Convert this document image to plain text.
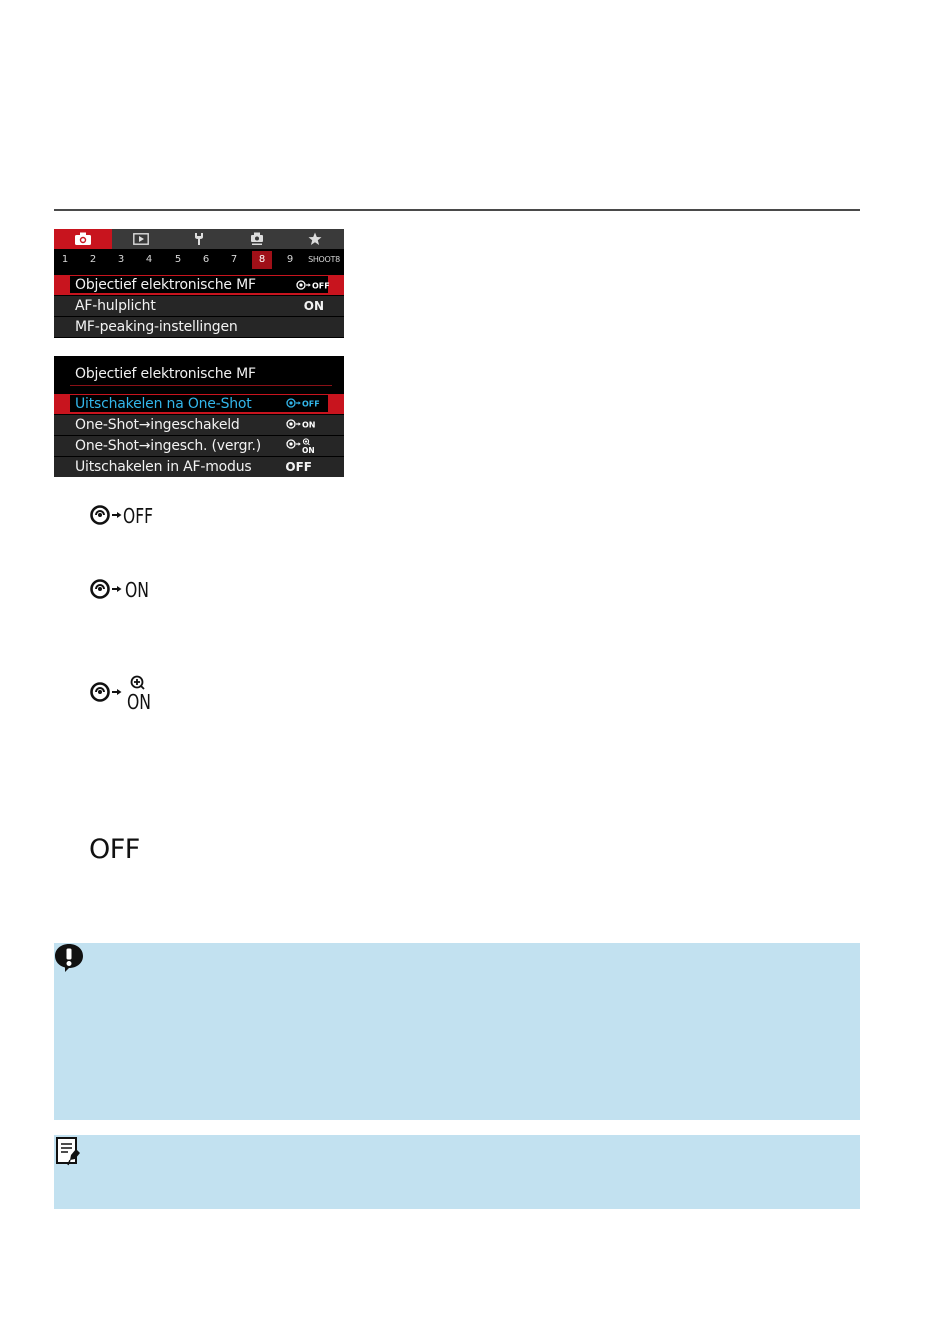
1 2 3 4 5 6 7	8	9	SHOOT8
Objectief elektronische MF	OFF
AF-hulplicht	ON
MF-peaking-instellingen
Objectief elektronische MF
Uitschakelen na One-Shot	OFF
One-Shot→ingeschakeld	ON
One-Shot→ingesch. (vergr.)	ON
Uitschakelen in AF-modus	OFF
OFF
ON
ON
OFF
